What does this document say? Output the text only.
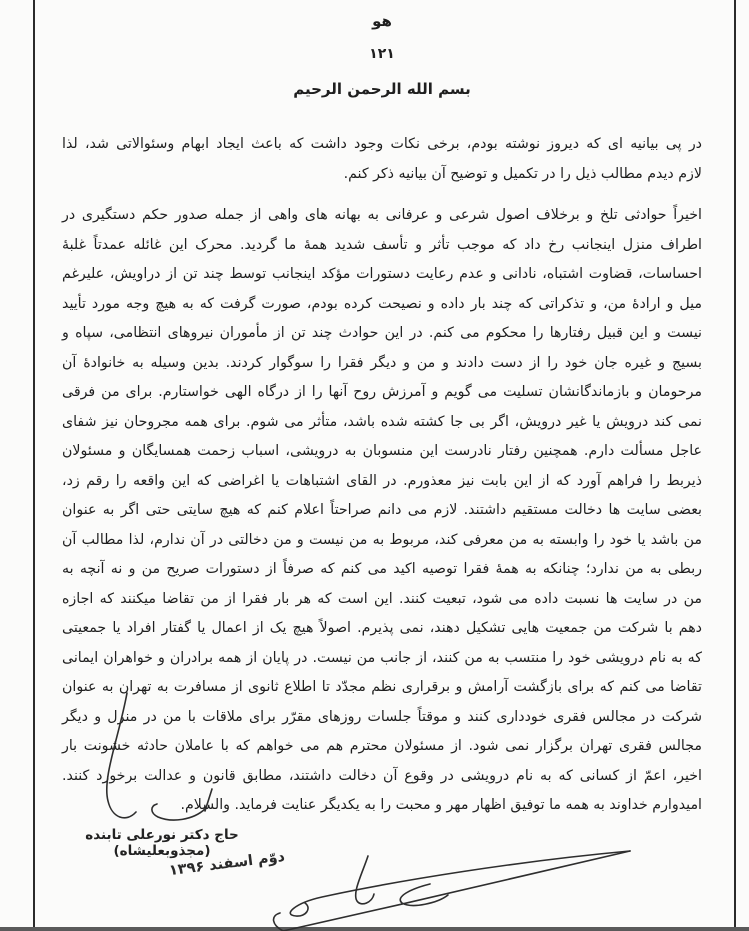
هو
۱۲۱
بسم الله الرحمن الرحیم
در پی بیانیه ای که دیروز نوشته بودم، برخی نکات وجود داشت که باعث ایجاد ابهام وسئوالاتی شد، لذا
لازم دیدم مطالب ذیل را در تکمیل و توضیح آن بیانیه ذکر کنم.
اخیراً حوادثی تلخ و برخلاف اصول شرعی و عرفانی به بهانه های واهی از جمله صدور حکم دستگیری در
اطراف منزل اینجانب رخ داد که موجب تأثر و تأسف شدید همهٔ ما گردید. محرک این غائله عمدتاً غلبهٔ
احساسات، قضاوت اشتباه، نادانی و عدم رعایت دستورات مؤکد اینجانب توسط چند تن از دراویش، علیرغم
میل و ارادهٔ من، و تذکراتی که چند بار داده و نصیحت کرده بودم، صورت گرفت که به هیچ وجه مورد تأیید
نیست و این قبیل رفتارها را محکوم می کنم. در این حوادث چند تن از مأموران نیروهای انتظامی، سپاه و
بسیج و غیره جان خود را از دست دادند و من و دیگر فقرا را سوگوار کردند. بدین وسیله به خانوادهٔ آن
مرحومان و بازماندگانشان تسلیت می گویم و آمرزش روح آنها را از درگاه الهی خواستارم. برای من فرقی
نمی کند درویش یا غیر درویش، اگر بی جا کشته شده باشد، متأثر می شوم. برای همه مجروحان نیز شفای
عاجل مسألت دارم. همچنین رفتار نادرست این منسوبان به درویشی، اسباب زحمت همسایگان و مسئولان
ذیربط را فراهم آورد که از این بابت نیز معذورم. در القای اشتباهات یا اغراضی که این واقعه را رقم زد،
بعضی سایت ها دخالت مستقیم داشتند. لازم می دانم صراحتاً اعلام کنم که هیچ سایتی حتی اگر به عنوان
من باشد یا خود را وابسته به من معرفی کند، مربوط به من نیست و من دخالتی در آن ندارم، لذا مطالب آن
ربطی به من ندارد؛ چنانکه به همهٔ فقرا توصیه اکید می کنم که صرفاً از دستورات صریح من و نه آنچه به
من در سایت ها نسبت داده می شود، تبعیت کنند. این است که هر بار فقرا از من تقاضا میکنند که اجازه
دهم با شرکت من جمعیت هایی تشکیل دهند، نمی پذیرم. اصولاً هیچ یک از اعمال یا گفتار افراد یا جمعیتی
که به نام درویشی خود را منتسب به من کنند، از جانب من نیست. در پایان از همه برادران و خواهران ایمانی
تقاضا می کنم که برای بازگشت آرامش و برقراری نظم مجدّد تا اطلاع ثانوی از مسافرت به تهران به عنوان
شرکت در مجالس فقری خودداری کنند و موقتاً جلسات روزهای مقرّر برای ملاقات با من در منزل و دیگر
مجالس فقری تهران برگزار نمی شود. از مسئولان محترم هم می خواهم که با عاملان حادثه خشونت بار
اخیر، اعمّ از کسانی که به نام درویشی در وقوع آن دخالت داشتند، مطابق قانون و عدالت برخورد کنند.
امیدوارم خداوند به همه ما توفیق اظهار مهر و محبت را به یکدیگر عنایت فرماید. والسلام.
حاج دکتر نورعلی تابنده (مجذوبعلیشاه)
دوّم اسفند ۱۳۹۶
